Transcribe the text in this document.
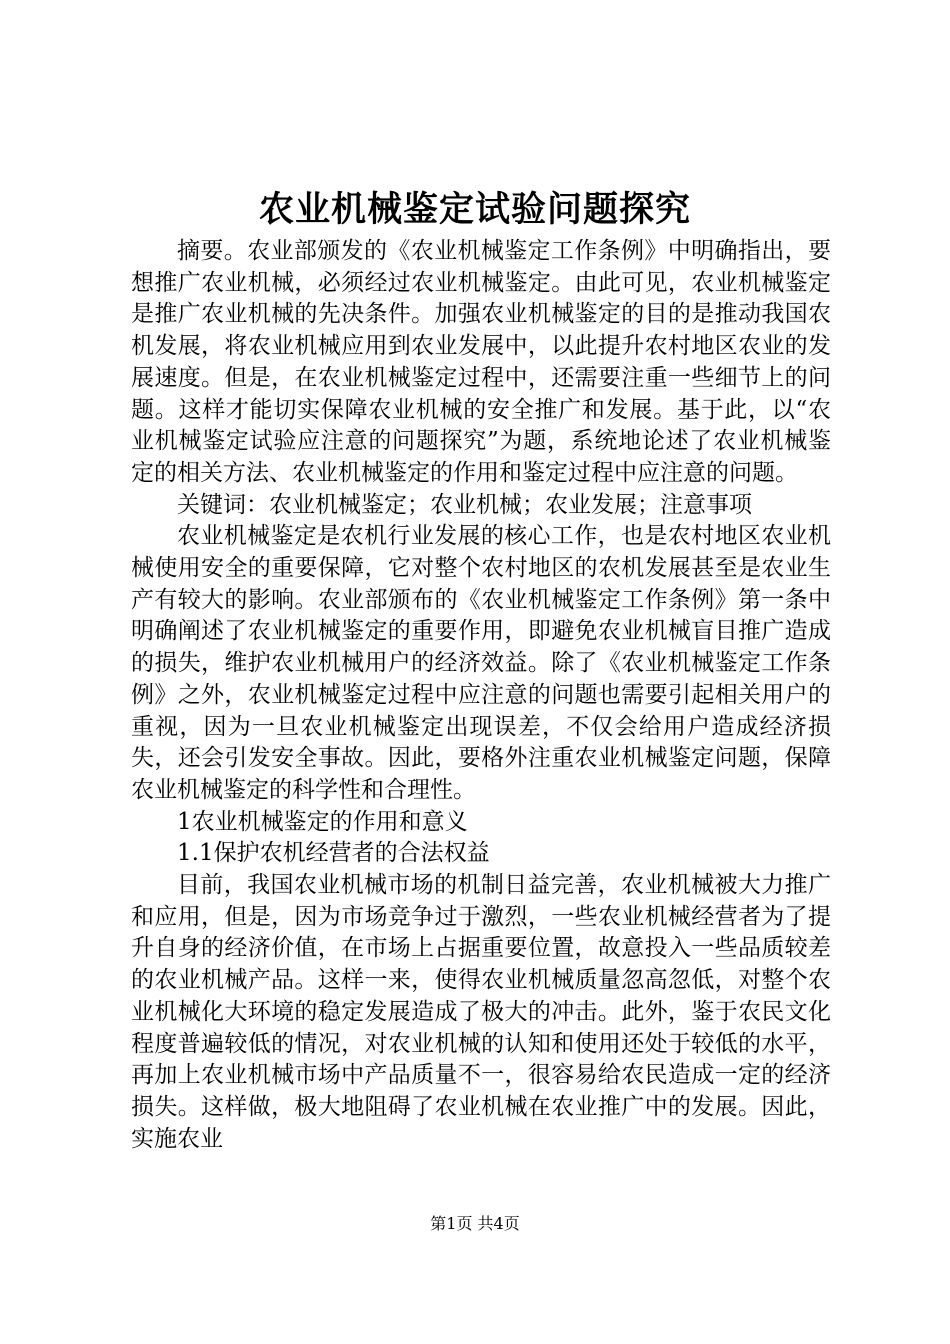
农业机械鉴定试验问题探究

摘要。农业部颁发的《农业机械鉴定工作条例》中明确指出，要想推广农业机械，必须经过农业机械鉴定。由此可见，农业机械鉴定是推广农业机械的先决条件。加强农业机械鉴定的目的是推动我国农机发展，将农业机械应用到农业发展中，以此提升农村地区农业的发展速度。但是，在农业机械鉴定过程中，还需要注重一些细节上的问题。这样才能切实保障农业机械的安全推广和发展。基于此，以“农业机械鉴定试验应注意的问题探究”为题，系统地论述了农业机械鉴定的相关方法、农业机械鉴定的作用和鉴定过程中应注意的问题。

关键词：农业机械鉴定；农业机械；农业发展；注意事项

农业机械鉴定是农机行业发展的核心工作，也是农村地区农业机械使用安全的重要保障，它对整个农村地区的农机发展甚至是农业生产有较大的影响。农业部颁布的《农业机械鉴定工作条例》第一条中明确阐述了农业机械鉴定的重要作用，即避免农业机械盲目推广造成的损失，维护农业机械用户的经济效益。除了《农业机械鉴定工作条例》之外，农业机械鉴定过程中应注意的问题也需要引起相关用户的重视，因为一旦农业机械鉴定出现误差，不仅会给用户造成经济损失，还会引发安全事故。因此，要格外注重农业机械鉴定问题，保障农业机械鉴定的科学性和合理性。

1农业机械鉴定的作用和意义

1.1保护农机经营者的合法权益

目前，我国农业机械市场的机制日益完善，农业机械被大力推广和应用，但是，因为市场竞争过于激烈，一些农业机械经营者为了提升自身的经济价值，在市场上占据重要位置，故意投入一些品质较差的农业机械产品。这样一来，使得农业机械质量忽高忽低，对整个农业机械化大环境的稳定发展造成了极大的冲击。此外，鉴于农民文化程度普遍较低的情况，对农业机械的认知和使用还处于较低的水平，再加上农业机械市场中产品质量不一，很容易给农民造成一定的经济损失。这样做，极大地阻碍了农业机械在农业推广中的发展。因此，实施农业

第1页 共4页
